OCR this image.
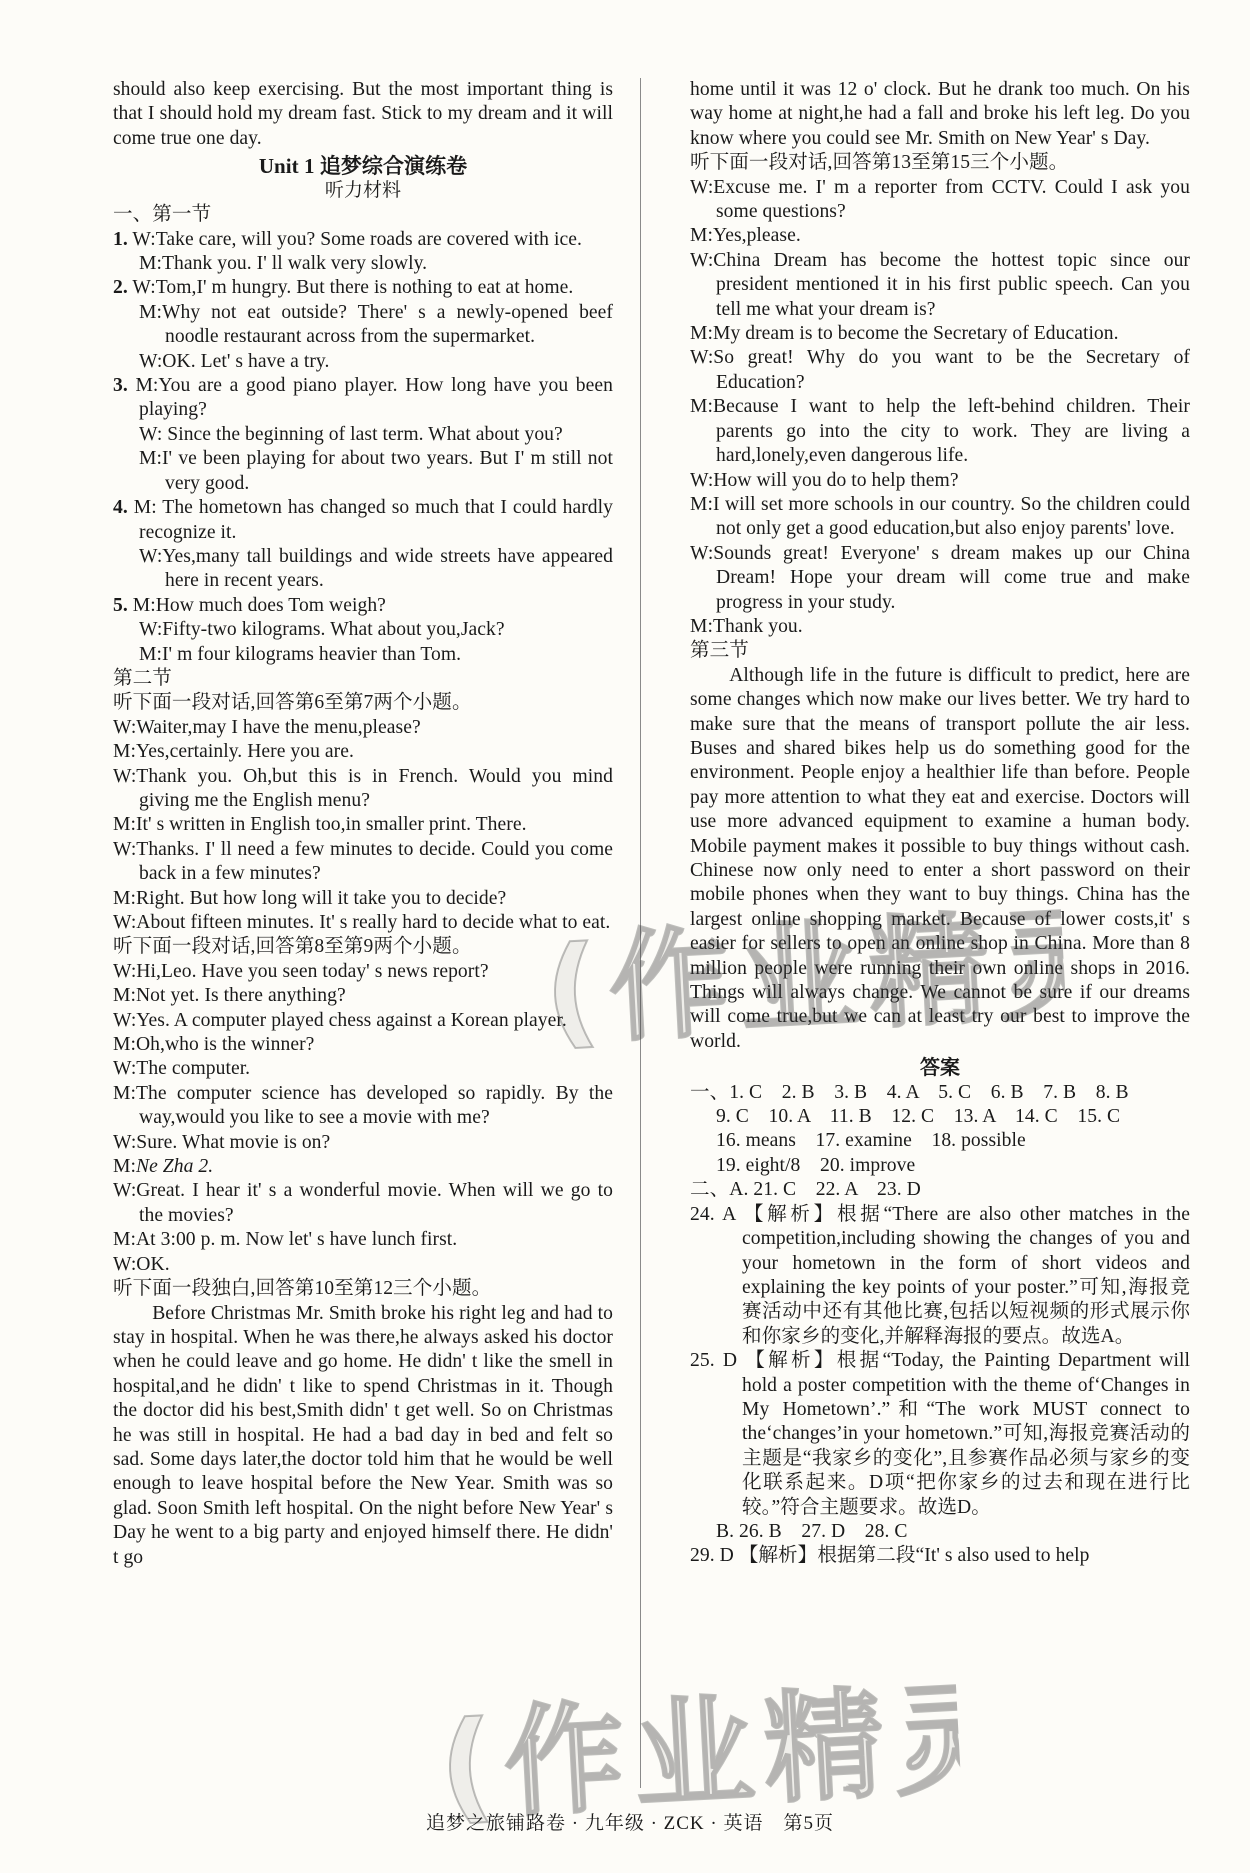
should also keep exercising. But the most important thing is that I should hold my dream fast. Stick to my dream and it will come true one day.

Unit 1 追梦综合演练卷

听力材料

一、第一节

1. W:Take care, will you? Some roads are covered with ice.

M:Thank you. I' ll walk very slowly.

2. W:Tom,I' m hungry. But there is nothing to eat at home.

M:Why not eat outside? There' s a newly-opened beef noodle restaurant across from the supermarket.

W:OK. Let' s have a try.

3. M:You are a good piano player. How long have you been playing?

W: Since the beginning of last term. What about you?

M:I' ve been playing for about two years. But I' m still not very good.

4. M: The hometown has changed so much that I could hardly recognize it.

W:Yes,many tall buildings and wide streets have appeared here in recent years.

5. M:How much does Tom weigh?

W:Fifty-two kilograms. What about you,Jack?

M:I' m four kilograms heavier than Tom.

第二节

听下面一段对话,回答第6至第7两个小题。

W:Waiter,may I have the menu,please?

M:Yes,certainly. Here you are.

W:Thank you. Oh,but this is in French. Would you mind giving me the English menu?

M:It' s written in English too,in smaller print. There.

W:Thanks. I' ll need a few minutes to decide. Could you come back in a few minutes?

M:Right. But how long will it take you to decide?

W:About fifteen minutes. It' s really hard to decide what to eat.

听下面一段对话,回答第8至第9两个小题。

W:Hi,Leo. Have you seen today' s news report?

M:Not yet. Is there anything?

W:Yes. A computer played chess against a Korean player.

M:Oh,who is the winner?

W:The computer.

M:The computer science has developed so rapidly. By the way,would you like to see a movie with me?

W:Sure. What movie is on?

M:Ne Zha 2.

W:Great. I hear it' s a wonderful movie. When will we go to the movies?

M:At 3:00 p. m. Now let' s have lunch first.

W:OK.

听下面一段独白,回答第10至第12三个小题。

Before Christmas Mr. Smith broke his right leg and had to stay in hospital. When he was there,he always asked his doctor when he could leave and go home. He didn' t like the smell in hospital,and he didn' t like to spend Christmas in it. Though the doctor did his best,Smith didn' t get well. So on Christmas he was still in hospital. He had a bad day in bed and felt so sad. Some days later,the doctor told him that he would be well enough to leave hospital before the New Year. Smith was so glad. Soon Smith left hospital. On the night before New Year' s Day he went to a big party and enjoyed himself there. He didn' t go

home until it was 12 o' clock. But he drank too much. On his way home at night,he had a fall and broke his left leg. Do you know where you could see Mr. Smith on New Year' s Day.

听下面一段对话,回答第13至第15三个小题。

W:Excuse me. I' m a reporter from CCTV. Could I ask you some questions?

M:Yes,please.

W:China Dream has become the hottest topic since our president mentioned it in his first public speech. Can you tell me what your dream is?

M:My dream is to become the Secretary of Education.

W:So great! Why do you want to be the Secretary of Education?

M:Because I want to help the left-behind children. Their parents go into the city to work. They are living a hard,lonely,even dangerous life.

W:How will you do to help them?

M:I will set more schools in our country. So the children could not only get a good education,but also enjoy parents' love.

W:Sounds great! Everyone' s dream makes up our China Dream! Hope your dream will come true and make progress in your study.

M:Thank you.

第三节

Although life in the future is difficult to predict, here are some changes which now make our lives better. We try hard to make sure that the means of transport pollute the air less. Buses and shared bikes help us do something good for the environment. People enjoy a healthier life than before. People pay more attention to what they eat and exercise. Doctors will use more advanced equipment to examine a human body. Mobile payment makes it possible to buy things without cash. Chinese now only need to enter a short password on their mobile phones when they want to buy things. China has the largest online shopping market. Because of lower costs,it' s easier for sellers to open an online shop in China. More than 8 million people were running their own online shops in 2016. Things will always change. We cannot be sure if our dreams will come true,but we can at least try our best to improve the world.

答案

一、1. C　2. B　3. B　4. A　5. C　6. B　7. B　8. B

9. C　10. A　11. B　12. C　13. A　14. C　15. C

16. means　17. examine　18. possible

19. eight/8　20. improve

二、A. 21. C　22. A　23. D

24. A 【解析】根据“There are also other matches in the competition,including showing the changes of you and your hometown in the form of short videos and explaining the key points of your poster.”可知,海报竞赛活动中还有其他比赛,包括以短视频的形式展示你和你家乡的变化,并解释海报的要点。故选A。

25. D 【解析】根据“Today, the Painting Department will hold a poster competition with the theme of‘Changes in My Hometown’.”和“The work MUST connect to the‘changes’in your hometown.”可知,海报竞赛活动的主题是“我家乡的变化”,且参赛作品必须与家乡的变化联系起来。D项“把你家乡的过去和现在进行比较。”符合主题要求。故选D。

B. 26. B　27. D　28. C

29. D 【解析】根据第二段“It' s also used to help

追梦之旅铺路卷 · 九年级 · ZCK · 英语　第5页
(作业精灵)
(作业精灵)
